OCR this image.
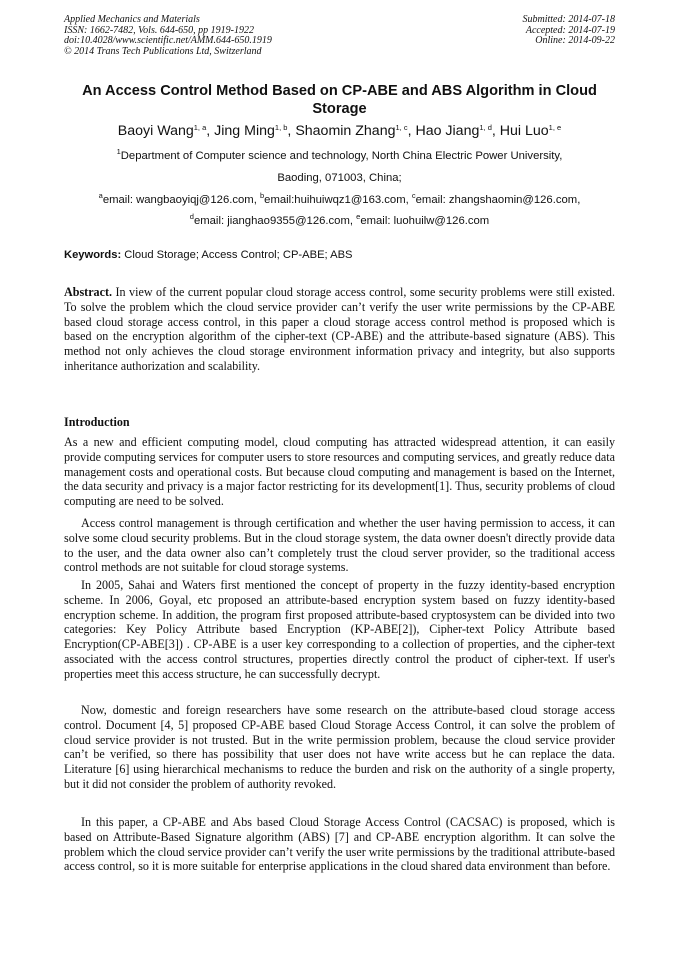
Applied Mechanics and Materials
ISSN: 1662-7482, Vols. 644-650, pp 1919-1922
doi:10.4028/www.scientific.net/AMM.644-650.1919
© 2014 Trans Tech Publications Ltd, Switzerland
Submitted: 2014-07-18
Accepted: 2014-07-19
Online: 2014-09-22
An Access Control Method Based on CP-ABE and ABS Algorithm in Cloud Storage
Baoyi Wang$^{1, a}$, Jing Ming$^{1, b}$, Shaomin Zhang$^{1, c}$, Hao Jiang$^{1, d}$, Hui Luo$^{1, e}$
$^1$Department of Computer science and technology, North China Electric Power University,
Baoding, 071003, China;
$^a$email: wangbaoyiqj@126.com, $^b$email:huihuiwqz1@163.com, $^c$email: zhangshaomin@126.com,
$^d$email: jianghao9355@126.com, $^e$email: luohuilw@126.com
Keywords: Cloud Storage; Access Control; CP-ABE; ABS
Abstract. In view of the current popular cloud storage access control, some security problems were still existed. To solve the problem which the cloud service provider can’t verify the user write permissions by the CP-ABE based cloud storage access control, in this paper a cloud storage access control method is proposed which is based on the encryption algorithm of the cipher-text (CP-ABE) and the attribute-based signature (ABS). This method not only achieves the cloud storage environment information privacy and integrity, but also supports inheritance authorization and scalability.
Introduction
As a new and efficient computing model, cloud computing has attracted widespread attention, it can easily provide computing services for computer users to store resources and computing services, and greatly reduce data management costs and operational costs. But because cloud computing and management is based on the Internet, the data security and privacy is a major factor restricting for its development[1]. Thus, security problems of cloud computing are need to be solved.
Access control management is through certification and whether the user having permission to access, it can solve some cloud security problems. But in the cloud storage system, the data owner doesn't directly provide data to the user, and the data owner also can’t completely trust the cloud server provider, so the traditional access control methods are not suitable for cloud storage systems.
In 2005, Sahai and Waters first mentioned the concept of property in the fuzzy identity-based encryption scheme. In 2006, Goyal, etc proposed an attribute-based encryption system based on fuzzy identity-based encryption scheme. In addition, the program first proposed attribute-based cryptosystem can be divided into two categories: Key Policy Attribute based Encryption (KP-ABE[2]), Cipher-text Policy Attribute based Encryption(CP-ABE[3]) . CP-ABE is a user key corresponding to a collection of properties, and the cipher-text associated with the access control structures, properties directly control the product of cipher-text. If user's properties meet this access structure, he can successfully decrypt.
Now, domestic and foreign researchers have some research on the attribute-based cloud storage access control. Document [4, 5] proposed CP-ABE based Cloud Storage Access Control, it can solve the problem of cloud service provider is not trusted. But in the write permission problem, because the cloud service provider can’t be verified, so there has possibility that user does not have write access but he can replace the data. Literature [6] using hierarchical mechanisms to reduce the burden and risk on the authority of a single property, but it did not consider the problem of authority revoked.
In this paper, a CP-ABE and Abs based Cloud Storage Access Control (CACSAC) is proposed, which is based on Attribute-Based Signature algorithm (ABS) [7] and CP-ABE encryption algorithm. It can solve the problem which the cloud service provider can’t verify the user write permissions by the traditional attribute-based access control, so it is more suitable for enterprise applications in the cloud shared data environment than before.
